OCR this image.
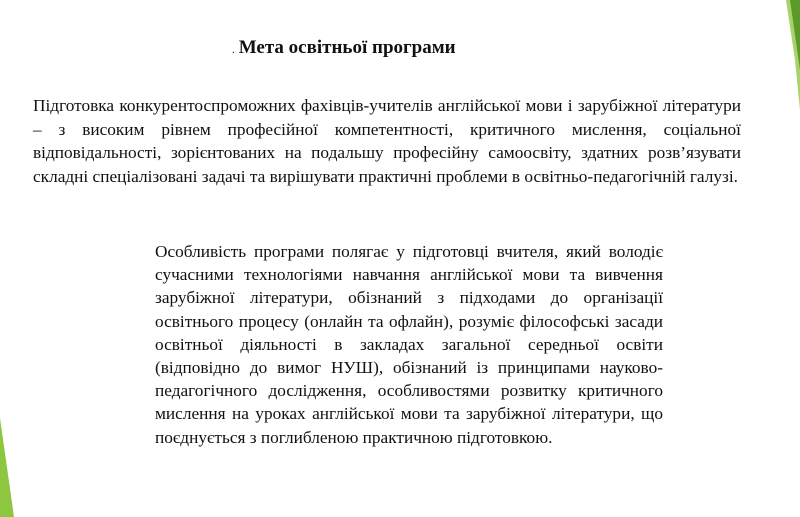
. Мета освітньої програми

Підготовка конкурентоспроможних фахівців-учителів англійської мови і зарубіжної літератури – з високим рівнем професійної компетентності, критичного мислення, соціальної відповідальності, зорієнтованих на подальшу професійну самоосвіту, здатних розв’язувати складні спеціалізовані задачі та вирішувати практичні проблеми в освітньо-педагогічній галузі.

Особливість програми полягає у підготовці вчителя, який володіє сучасними технологіями навчання англійської мови та вивчення зарубіжної літератури, обізнаний з підходами до організації освітнього процесу (онлайн та офлайн), розуміє філософські засади освітньої діяльності в закладах загальної середньої освіти (відповідно до вимог НУШ), обізнаний із принципами науково-педагогічного дослідження, особливостями розвитку критичного мислення на уроках англійської мови та зарубіжної літератури, що поєднується з поглибленою практичною підготовкою.
